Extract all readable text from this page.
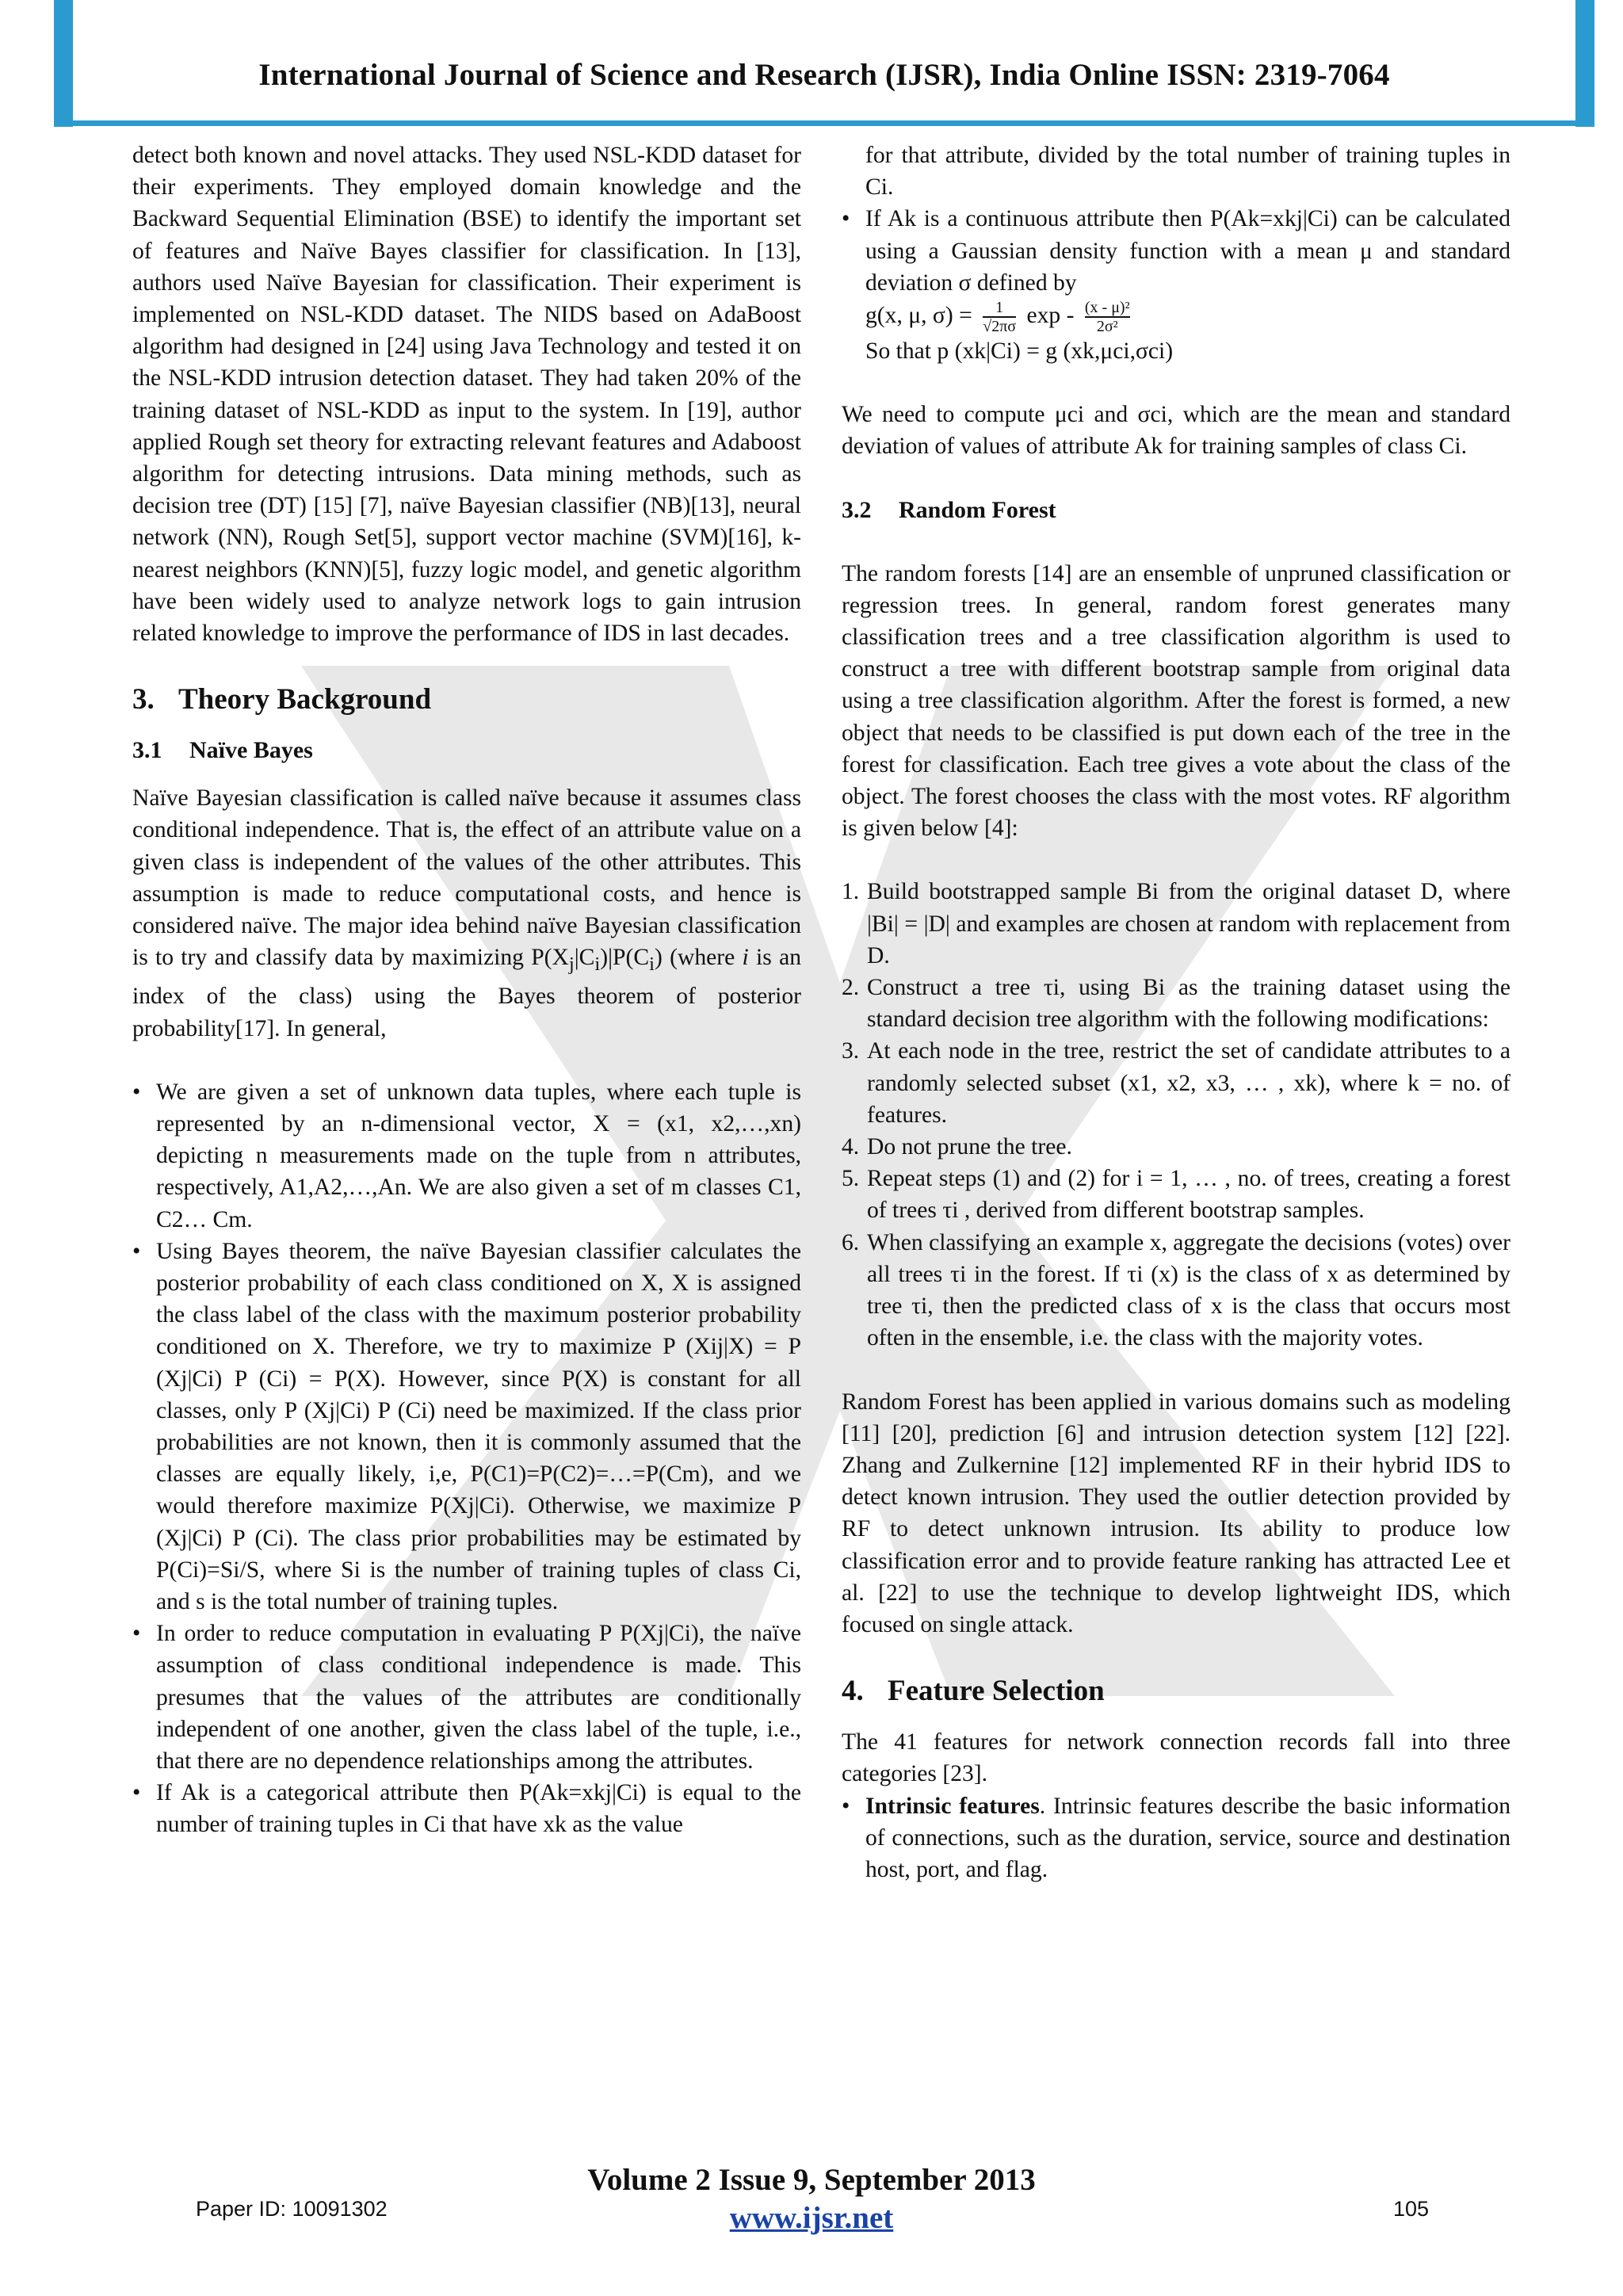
International Journal of Science and Research (IJSR), India Online ISSN: 2319-7064

detect both known and novel attacks. They used NSL-KDD dataset for their experiments. They employed domain knowledge and the Backward Sequential Elimination (BSE) to identify the important set of features and Naïve Bayes classifier for classification. In [13], authors used Naïve Bayesian for classification. Their experiment is implemented on NSL-KDD dataset. The NIDS based on AdaBoost algorithm had designed in [24] using Java Technology and tested it on the NSL-KDD intrusion detection dataset. They had taken 20% of the training dataset of NSL-KDD as input to the system. In [19], author applied Rough set theory for extracting relevant features and Adaboost algorithm for detecting intrusions. Data mining methods, such as decision tree (DT) [15] [7], naïve Bayesian classifier (NB)[13], neural network (NN), Rough Set[5], support vector machine (SVM)[16], k-nearest neighbors (KNN)[5], fuzzy logic model, and genetic algorithm have been widely used to analyze network logs to gain intrusion related knowledge to improve the performance of IDS in last decades.

3. Theory Background
3.1 Naïve Bayes

Naïve Bayesian classification is called naïve because it assumes class conditional independence. That is, the effect of an attribute value on a given class is independent of the values of the other attributes. This assumption is made to reduce computational costs, and hence is considered naïve. The major idea behind naïve Bayesian classification is to try and classify data by maximizing $P(X_j|C_i)|P(C_i)$ (where i is an index of the class) using the Bayes theorem of posterior probability[17]. In general,

• We are given a set of unknown data tuples, where each tuple is represented by an n-dimensional vector, X = (x1, x2,…,xn) depicting n measurements made on the tuple from n attributes, respectively, A1,A2,…,An. We are also given a set of m classes C1, C2… Cm.
• Using Bayes theorem, the naïve Bayesian classifier calculates the posterior probability of each class conditioned on X, X is assigned the class label of the class with the maximum posterior probability conditioned on X. Therefore, we try to maximize P (Xij|X) = P (Xj|Ci) P (Ci) = P(X). However, since P(X) is constant for all classes, only P (Xj|Ci) P (Ci) need be maximized. If the class prior probabilities are not known, then it is commonly assumed that the classes are equally likely, i,e, P(C1)=P(C2)=…=P(Cm), and we would therefore maximize P(Xj|Ci). Otherwise, we maximize P (Xj|Ci) P (Ci). The class prior probabilities may be estimated by P(Ci)=Si/S, where Si is the number of training tuples of class Ci, and s is the total number of training tuples.
• In order to reduce computation in evaluating P P(Xj|Ci), the naïve assumption of class conditional independence is made. This presumes that the values of the attributes are conditionally independent of one another, given the class label of the tuple, i.e., that there are no dependence relationships among the attributes.
• If Ak is a categorical attribute then P(Ak=xkj|Ci) is equal to the number of training tuples in Ci that have xk as the value

for that attribute, divided by the total number of training tuples in Ci.

• If Ak is a continuous attribute then P(Ak=xkj|Ci) can be calculated using a Gaussian density function with a mean μ and standard deviation σ defined by
g(x, μ, $\sigma) = \frac{1}{√2\pi\sigma}$ exp - $\frac{\text{(x - μ)²}}{\text{2σ²}}$

So that p (xk|Ci) = g (xk,μci,σci)

We need to compute μci and σci, which are the mean and standard deviation of values of attribute Ak for training samples of class Ci.

3.2 Random Forest

The random forests [14] are an ensemble of unpruned classification or regression trees. In general, random forest generates many classification trees and a tree classification algorithm is used to construct a tree with different bootstrap sample from original data using a tree classification algorithm. After the forest is formed, a new object that needs to be classified is put down each of the tree in the forest for classification. Each tree gives a vote about the class of the object. The forest chooses the class with the most votes. RF algorithm is given below [4]:

1. Build bootstrapped sample Bi from the original dataset D, where |Bi| = |D| and examples are chosen at random with replacement from D.
2. Construct a tree τi, using Bi as the training dataset using the standard decision tree algorithm with the following modifications:
3. At each node in the tree, restrict the set of candidate attributes to a randomly selected subset (x1, x2, x3, … , xk), where k = no. of features.
4. Do not prune the tree.
5. Repeat steps (1) and (2) for i = 1, … , no. of trees, creating a forest of trees τi , derived from different bootstrap samples.
6. When classifying an example x, aggregate the decisions (votes) over all trees τi in the forest. If τi (x) is the class of x as determined by tree τi, then the predicted class of x is the class that occurs most often in the ensemble, i.e. the class with the majority votes.

Random Forest has been applied in various domains such as modeling [11] [20], prediction [6] and intrusion detection system [12] [22]. Zhang and Zulkernine [12] implemented RF in their hybrid IDS to detect known intrusion. They used the outlier detection provided by RF to detect unknown intrusion. Its ability to produce low classification error and to provide feature ranking has attracted Lee et al. [22] to use the technique to develop lightweight IDS, which focused on single attack.

4. Feature Selection

The 41 features for network connection records fall into three categories [23].

• Intrinsic features. Intrinsic features describe the basic information of connections, such as the duration, service, source and destination host, port, and flag.
Volume 2 Issue 9, September 2013
www.ijsr.net
Paper ID: 10091302	105
